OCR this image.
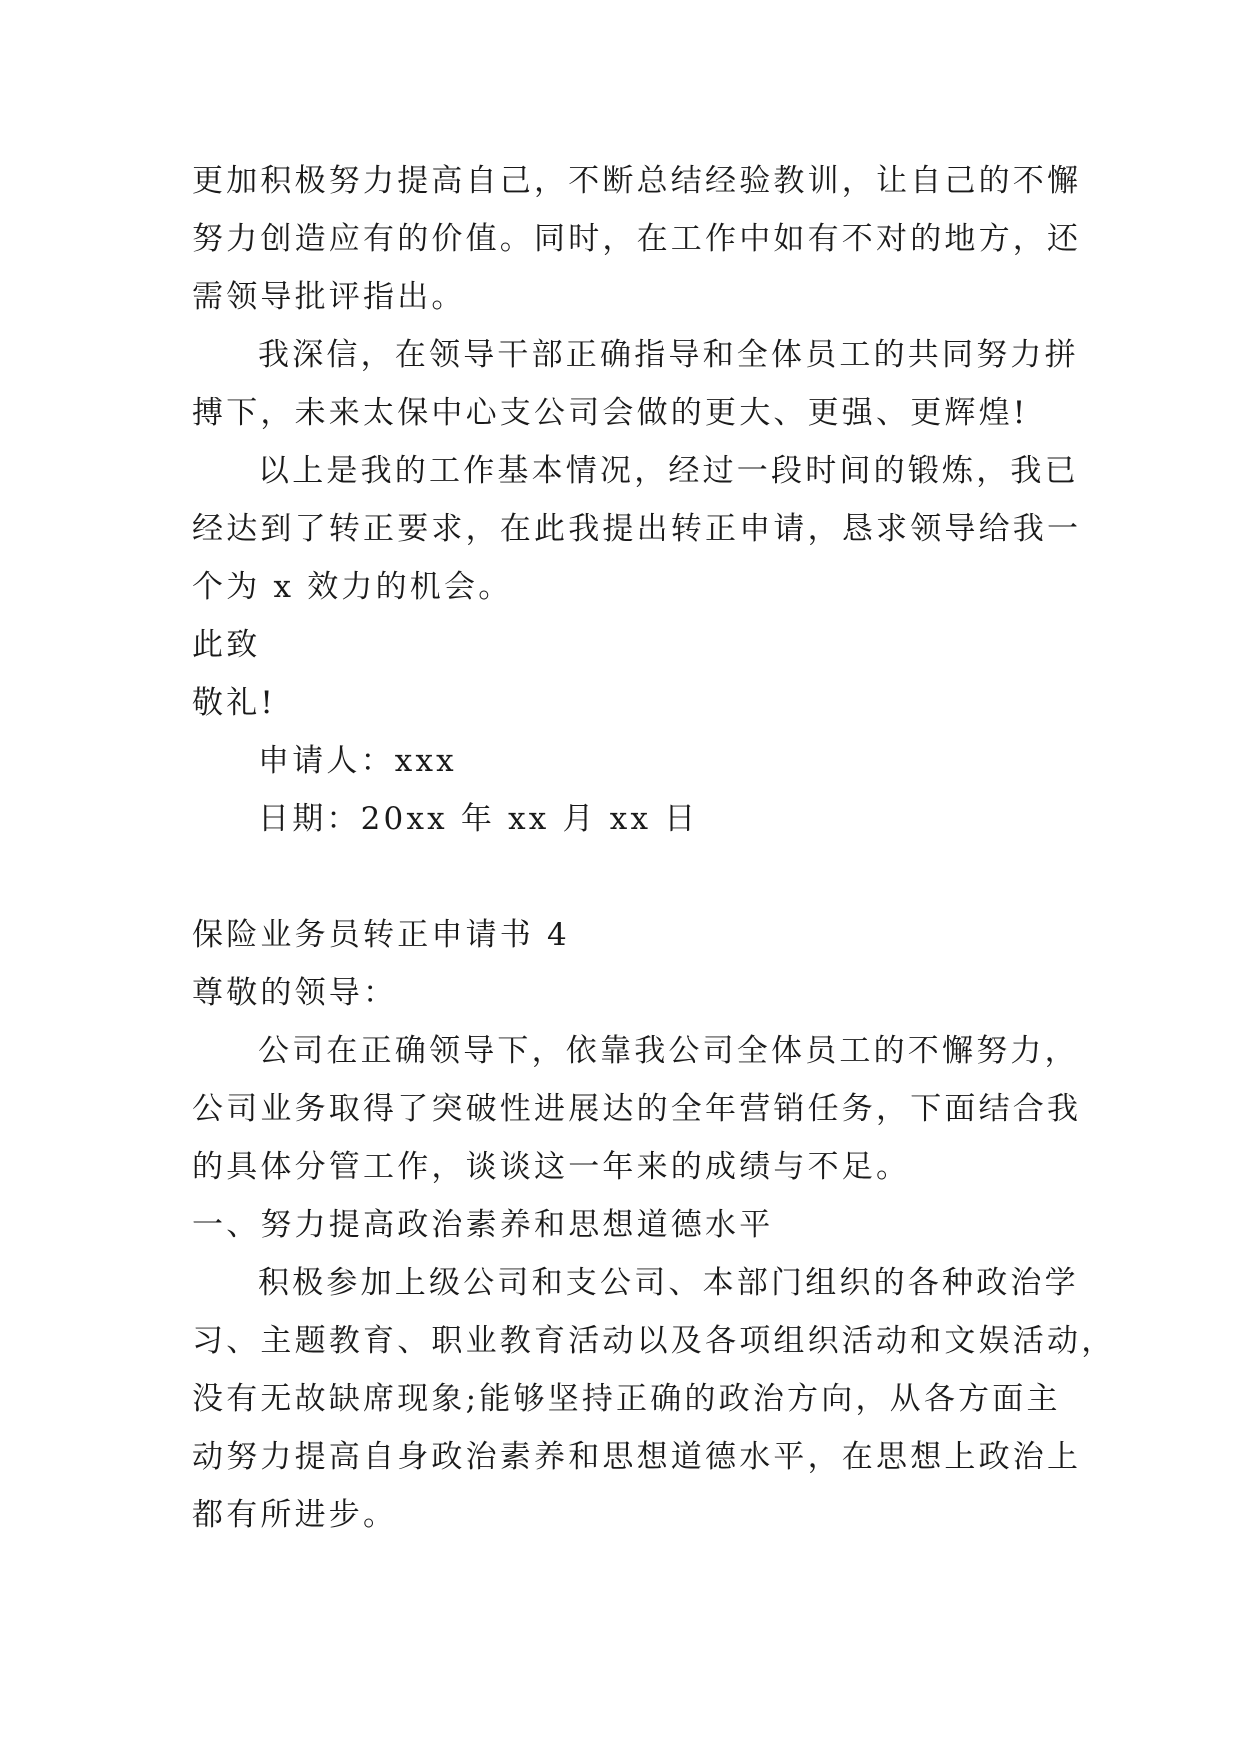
更加积极努力提高自己，不断总结经验教训，让自己的不懈
努力创造应有的价值。同时，在工作中如有不对的地方，还
需领导批评指出。
我深信，在领导干部正确指导和全体员工的共同努力拼
搏下，未来太保中心支公司会做的更大、更强、更辉煌!
以上是我的工作基本情况，经过一段时间的锻炼，我已
经达到了转正要求，在此我提出转正申请，恳求领导给我一
个为 x 效力的机会。
此致
敬礼!
申请人：xxx
日期：20xx 年 xx 月 xx 日
保险业务员转正申请书 4
尊敬的领导：
公司在正确领导下，依靠我公司全体员工的不懈努力，
公司业务取得了突破性进展达的全年营销任务，下面结合我
的具体分管工作，谈谈这一年来的成绩与不足。
一、努力提高政治素养和思想道德水平
积极参加上级公司和支公司、本部门组织的各种政治学
习、主题教育、职业教育活动以及各项组织活动和文娱活动，
没有无故缺席现象;能够坚持正确的政治方向，从各方面主
动努力提高自身政治素养和思想道德水平，在思想上政治上
都有所进步。
